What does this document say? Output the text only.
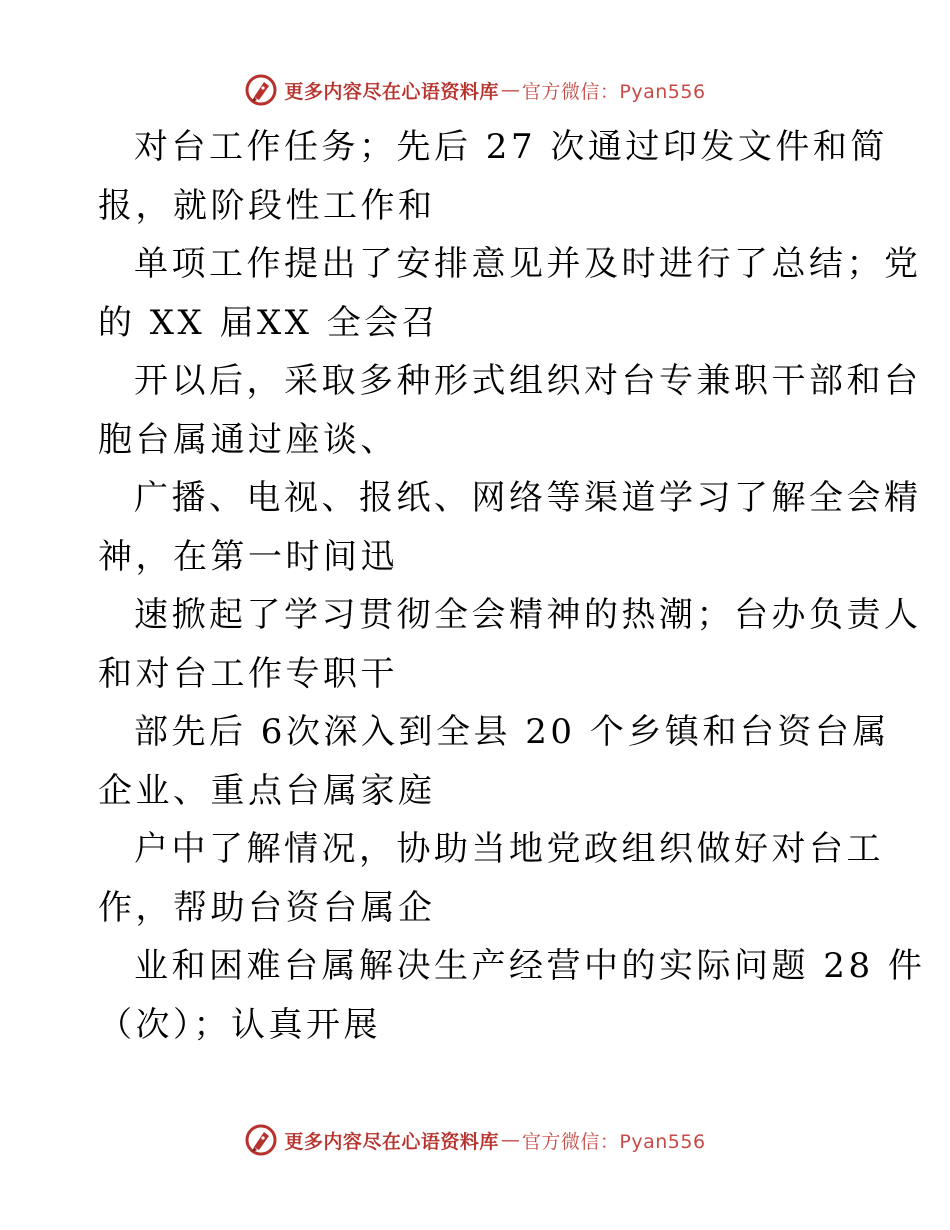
更多内容尽在心语资料库 — 官方微信：Pyan556
对台工作任务；先后 27 次通过印发文件和简
报，就阶段性工作和
单项工作提出了安排意见并及时进行了总结；党
的 XX 届XX 全会召
开以后，采取多种形式组织对台专兼职干部和台
胞台属通过座谈、
广播、电视、报纸、网络等渠道学习了解全会精
神，在第一时间迅
速掀起了学习贯彻全会精神的热潮；台办负责人
和对台工作专职干
部先后 6次深入到全县 20 个乡镇和台资台属
企业、重点台属家庭
户中了解情况，协助当地党政组织做好对台工
作，帮助台资台属企
业和困难台属解决生产经营中的实际问题 28 件
（次）；认真开展
更多内容尽在心语资料库 — 官方微信：Pyan556
